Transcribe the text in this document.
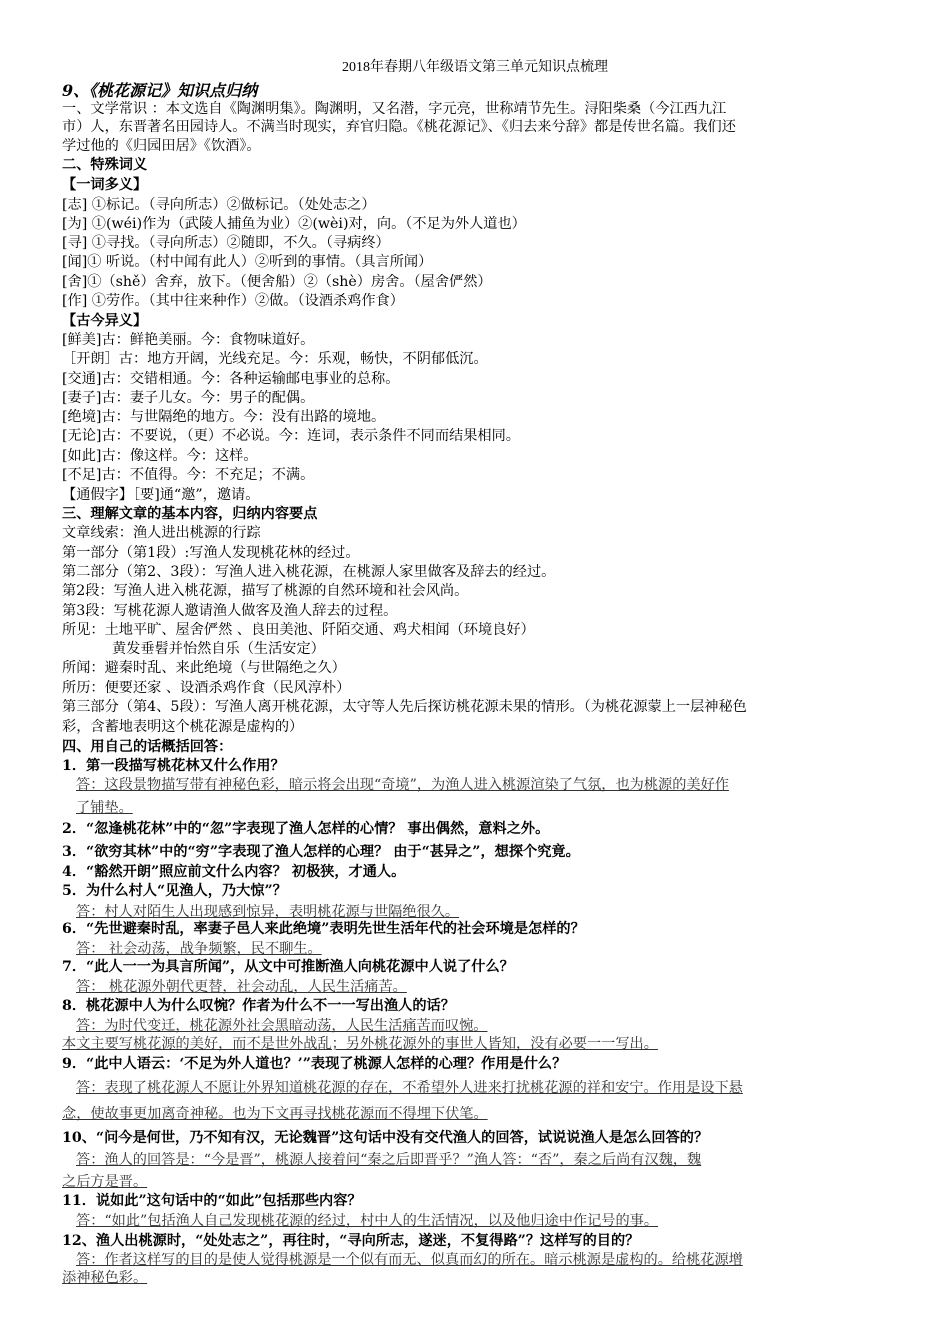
2018年春期八年级语文第三单元知识点梳理
9、《桃花源记》知识点归纳
一、文学常识 ：本文选自《陶渊明集》。陶渊明，又名潜，字元亮，世称靖节先生。浔阳柴桑（今江西九江
市）人，东晋著名田园诗人。不满当时现实，弃官归隐。《桃花源记》、《归去来兮辞》都是传世名篇。我们还
学过他的《归园田居》《饮酒》。
二、特殊词义
【一词多义】
[志] ①标记。（寻向所志）②做标记。（处处志之）
[为] ①(wéi)作为（武陵人捕鱼为业）②(wèi)对，向。（不足为外人道也）
[寻] ①寻找。（寻向所志）②随即，不久。（寻病终）
[闻]① 听说。（村中闻有此人）②听到的事情。（具言所闻）
[舍]①（shě）舍弃，放下。（便舍船）②（shè）房舍。（屋舍俨然）
[作] ①劳作。（其中往来种作）②做。（设酒杀鸡作食）
【古今异义】
[鲜美]古：鲜艳美丽。今：食物味道好。
［开朗］古：地方开阔，光线充足。今：乐观，畅快，不阴郁低沉。
[交通]古：交错相通。今：各种运输邮电事业的总称。
[妻子]古：妻子儿女。今：男子的配偶。
[绝境]古：与世隔绝的地方。今：没有出路的境地。
[无论]古：不要说，（更）不必说。今：连词，表示条件不同而结果相同。
[如此]古：像这样。今：这样。
[不足]古：不值得。今：不充足；不满。
【通假字】［要]通“邀”，邀请。
三、理解文章的基本内容，归纳内容要点
文章线索：渔人进出桃源的行踪
第一部分（第1段）:写渔人发现桃花林的经过。
第二部分（第2、3段）：写渔人进入桃花源，在桃源人家里做客及辞去的经过。
第2段：写渔人进入桃花源，描写了桃源的自然环境和社会风尚。
第3段：写桃花源人邀请渔人做客及渔人辞去的过程。
所见：土地平旷、屋舍俨然 、良田美池、阡陌交通、鸡犬相闻（环境良好）
黄发垂髫并怡然自乐（生活安定）
所闻：避秦时乱、来此绝境（与世隔绝之久）
所历：便要还家 、设酒杀鸡作食（民风淳朴）
第三部分（第4、5段）：写渔人离开桃花源，太守等人先后探访桃花源未果的情形。（为桃花源蒙上一层神秘色
彩，含蓄地表明这个桃花源是虚构的）
四、用自己的话概括回答：
1．第一段描写桃花林又什么作用？
答：这段景物描写带有神秘色彩，暗示将会出现“奇境”，为渔人进入桃源渲染了气氛，也为桃源的美好作
了铺垫。
2．“忽逢桃花林”中的“忽”字表现了渔人怎样的心情？ 事出偶然，意料之外。
3．“欲穷其林”中的“穷”字表现了渔人怎样的心理？ 由于“甚异之”，想探个究竟。
4．“豁然开朗”照应前文什么内容？ 初极狭，才通人。
5．为什么村人“见渔人，乃大惊”？
答：村人对陌生人出现感到惊异，表明桃花源与世隔绝很久。
6．“先世避秦时乱，率妻子邑人来此绝境”表明先世生活年代的社会环境是怎样的？
答： 社会动荡，战争频繁，民不聊生。
7．“此人一一为具言所闻”，从文中可推断渔人向桃花源中人说了什么？
答： 桃花源外朝代更替，社会动乱，人民生活痛苦。
8．桃花源中人为什么叹惋？作者为什么不一一写出渔人的话？
答：为时代变迁，桃花源外社会黑暗动荡，人民生活痛苦而叹惋。
本文主要写桃花源的美好，而不是世外战乱；另外桃花源外的事世人皆知，没有必要一一写出。
9．“此中人语云：‘不足为外人道也？’”表现了桃源人怎样的心理？作用是什么？
答：表现了桃花源人不愿让外界知道桃花源的存在，不希望外人进来打扰桃花源的祥和安宁。作用是设下悬
念，使故事更加离奇神秘。也为下文再寻找桃花源而不得埋下伏笔。
10、“问今是何世，乃不知有汉，无论魏晋”这句话中没有交代渔人的回答，试说说渔人是怎么回答的？
答：渔人的回答是：“今是晋”，桃源人接着问“秦之后即晋乎？”渔人答：“否”，秦之后尚有汉魏，魏
之后方是晋。
11．说如此”这句话中的“如此”包括那些内容？
答：“如此”包括渔人自己发现桃花源的经过，村中人的生活情况，以及他归途中作记号的事。
12、渔人出桃源时，“处处志之”，再往时，“寻向所志，遂迷，不复得路”？这样写的目的？
答：作者这样写的目的是使人觉得桃源是一个似有而无、似真而幻的所在。暗示桃源是虚构的。给桃花源增
添神秘色彩。
